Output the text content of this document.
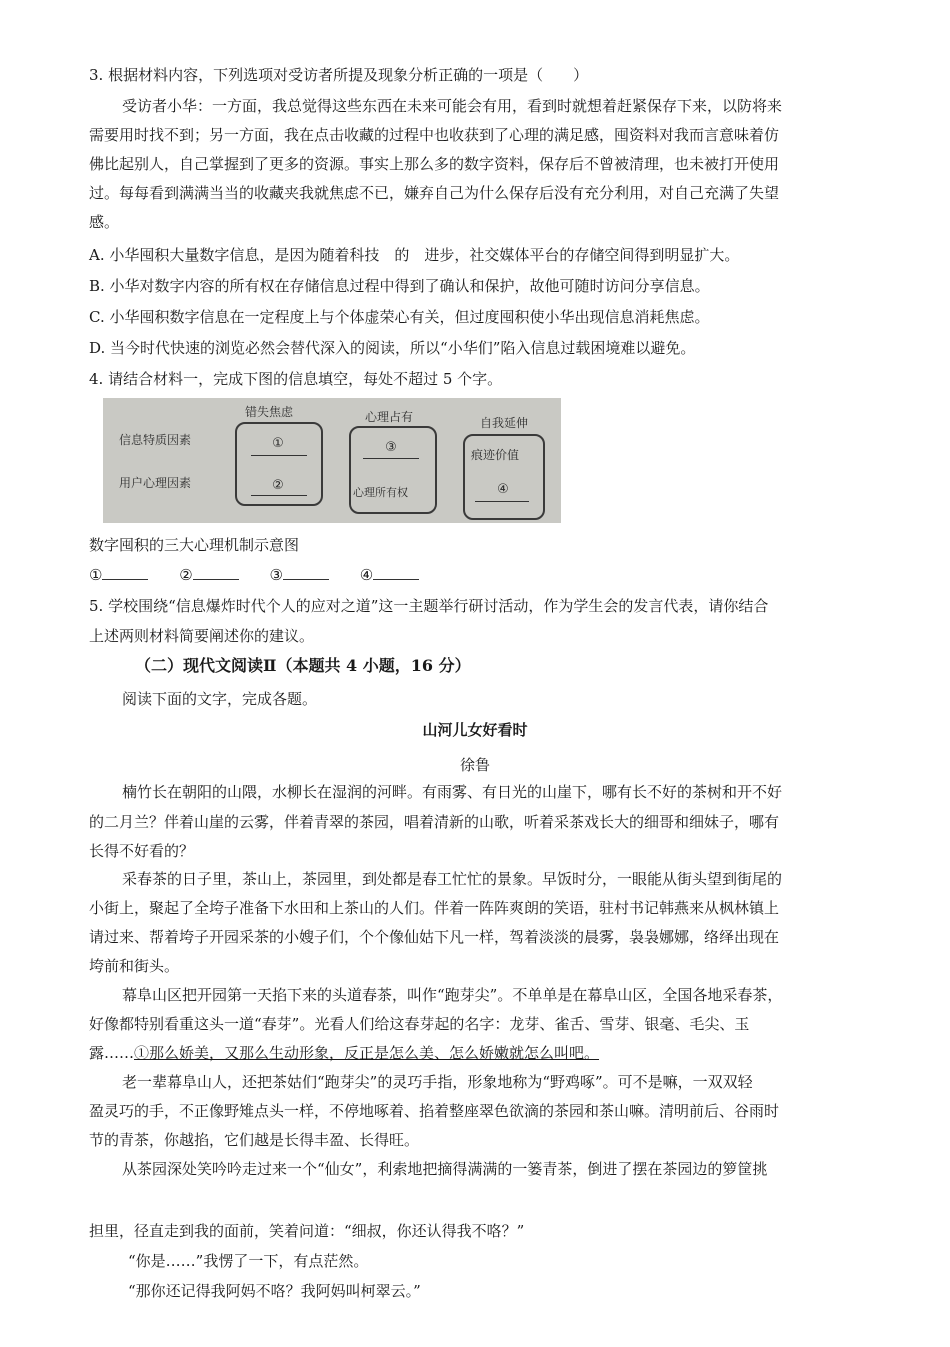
3. 根据材料内容，下列选项对受访者所提及现象分析正确的一项是（　　）
受访者小华：一方面，我总觉得这些东西在未来可能会有用，看到时就想着赶紧保存下来，以防将来
需要用时找不到；另一方面，我在点击收藏的过程中也收获到了心理的满足感，囤资料对我而言意味着仿
佛比起别人，自己掌握到了更多的资源。事实上那么多的数字资料，保存后不曾被清理，也未被打开使用
过。每每看到满满当当的收藏夹我就焦虑不已，嫌弃自己为什么保存后没有充分利用，对自己充满了失望
感。
A. 小华囤积大量数字信息，是因为随着科技　的　进步，社交媒体平台的存储空间得到明显扩大。
B. 小华对数字内容的所有权在存储信息过程中得到了确认和保护，故他可随时访问分享信息。
C. 小华囤积数字信息在一定程度上与个体虚荣心有关，但过度囤积使小华出现信息消耗焦虑。
D. 当今时代快速的浏览必然会替代深入的阅读，所以“小华们”陷入信息过载困境难以避免。
4. 请结合材料一，完成下图的信息填空，每处不超过 5 个字。
错失焦虑	心理占有	自我延伸
信息特质因素
用户心理因素
①
②
③
心理所有权
痕迹价值
④
数字囤积的三大心理机制示意图
①	②	③	④
5. 学校围绕“信息爆炸时代个人的应对之道”这一主题举行研讨活动，作为学生会的发言代表，请你结合
上述两则材料简要阐述你的建议。
（二）现代文阅读Ⅱ（本题共 4 小题，16 分）
阅读下面的文字，完成各题。
山河儿女好看时
徐鲁
楠竹长在朝阳的山隈，水柳长在湿润的河畔。有雨雾、有日光的山崖下，哪有长不好的茶树和开不好
的二月兰？伴着山崖的云雾，伴着青翠的茶园，唱着清新的山歌，听着采茶戏长大的细哥和细妹子，哪有
长得不好看的？
采春茶的日子里，茶山上，茶园里，到处都是春工忙忙的景象。早饭时分，一眼能从街头望到街尾的
小街上，聚起了全垮子准备下水田和上茶山的人们。伴着一阵阵爽朗的笑语，驻村书记韩燕来从枫林镇上
请过来、帮着垮子开园采茶的小嫂子们，个个像仙姑下凡一样，驾着淡淡的晨雾，袅袅娜娜，络绎出现在
垮前和街头。
幕阜山区把开园第一天掐下来的头道春茶，叫作“跑芽尖”。不单单是在幕阜山区，全国各地采春茶，
好像都特别看重这头一道“春芽”。光看人们给这春芽起的名字：龙芽、雀舌、雪芽、银毫、毛尖、玉
露……①那么娇美，又那么生动形象，反正是怎么美、怎么娇嫩就怎么叫吧。
老一辈幕阜山人，还把茶姑们“跑芽尖”的灵巧手指，形象地称为“野鸡啄”。可不是嘛，一双双轻
盈灵巧的手，不正像野雉点头一样，不停地啄着、掐着整座翠色欲滴的茶园和茶山嘛。清明前后、谷雨时
节的青茶，你越掐，它们越是长得丰盈、长得旺。
从茶园深处笑吟吟走过来一个“仙女”，利索地把摘得满满的一篓青茶，倒进了摆在茶园边的箩筐挑
担里，径直走到我的面前，笑着问道：“细叔，你还认得我不咯？”
“你是……”我愣了一下，有点茫然。
“那你还记得我阿妈不咯？我阿妈叫柯翠云。”
